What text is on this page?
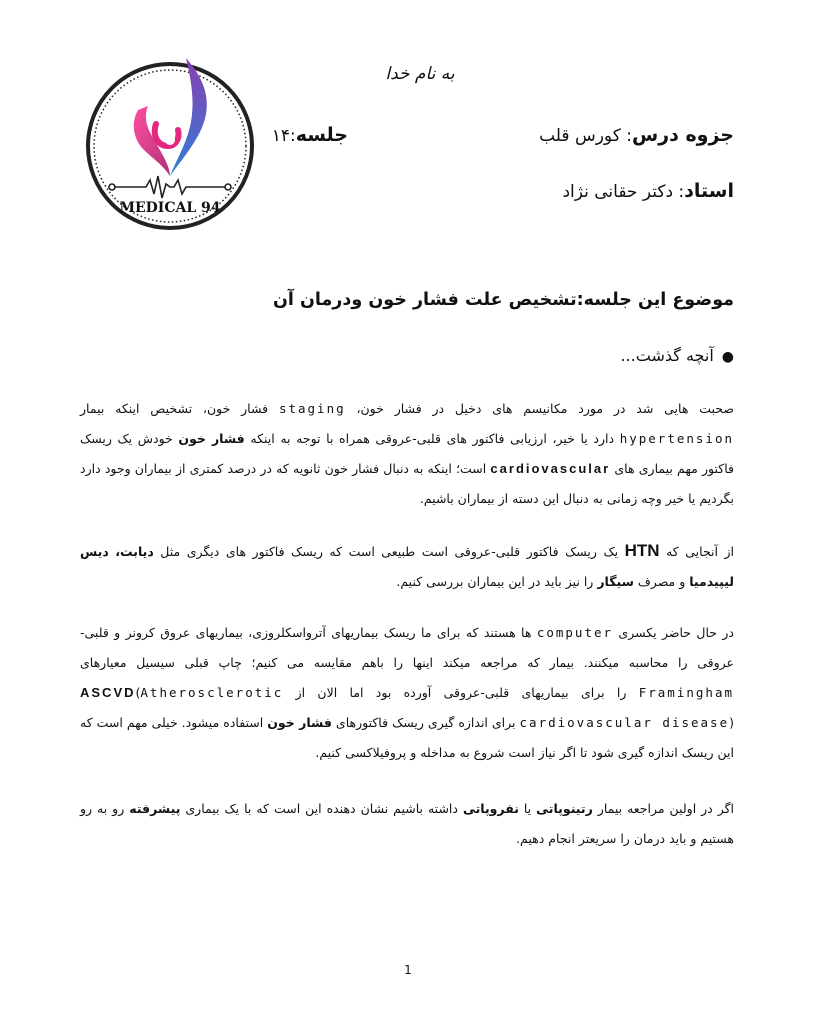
MEDICAL 94
به نام خدا
جزوه درس: کورس قلب
جلسه:۱۴
استاد: دکتر حقانی نژاد
موضوع این جلسه:تشخیص علت فشار خون ودرمان آن
●آنچه گذشت...
صحبت هایی شد در مورد مکانیسم های دخیل در فشار خون، staging فشار خون، تشخیص اینکه بیمار hypertension دارد یا خیر، ارزیابی فاکتور های قلبی-عروقی همراه با توجه به اینکه فشار خون خودش یک ریسک فاکتور مهم بیماری های cardiovascular است؛ اینکه به دنبال فشار خون ثانویه که در درصد کمتری از بیماران وجود دارد بگردیم یا خیر وچه زمانی به دنبال این دسته از بیماران باشیم.
از آنجایی که HTN یک ریسک فاکتور قلبی-عروقی است طبیعی است که ریسک فاکتور های دیگری مثل دیابت، دیس لیپیدمیا و مصرف سیگار را نیز باید در این بیماران بررسی کنیم.
در حال حاضر یکسری computer ها هستند که برای ما ریسک بیماریهای آترواسکلروزی، بیماریهای عروق کرونر و قلبی-عروقی را محاسبه میکنند. بیمار که مراجعه میکند اینها را باهم مقایسه می کنیم؛ چاپ قبلی سیسیل معیارهای Framingham را برای بیماریهای قلبی-عروقی آورده بود اما الان از ASCVD(Atherosclerotic cardiovascular disease) برای اندازه گیری ریسک فاکتورهای فشار خون استفاده میشود. خیلی مهم است که این ریسک اندازه گیری شود تا اگر نیاز است شروع به مداخله و پروفیلاکسی کنیم.
اگر در اولین مراجعه بیمار رتینوپاتی یا نفروپاتی داشته باشیم نشان دهنده این است که با یک بیماری پیشرفته رو به رو هستیم و باید درمان را سریعتر انجام دهیم.
1
